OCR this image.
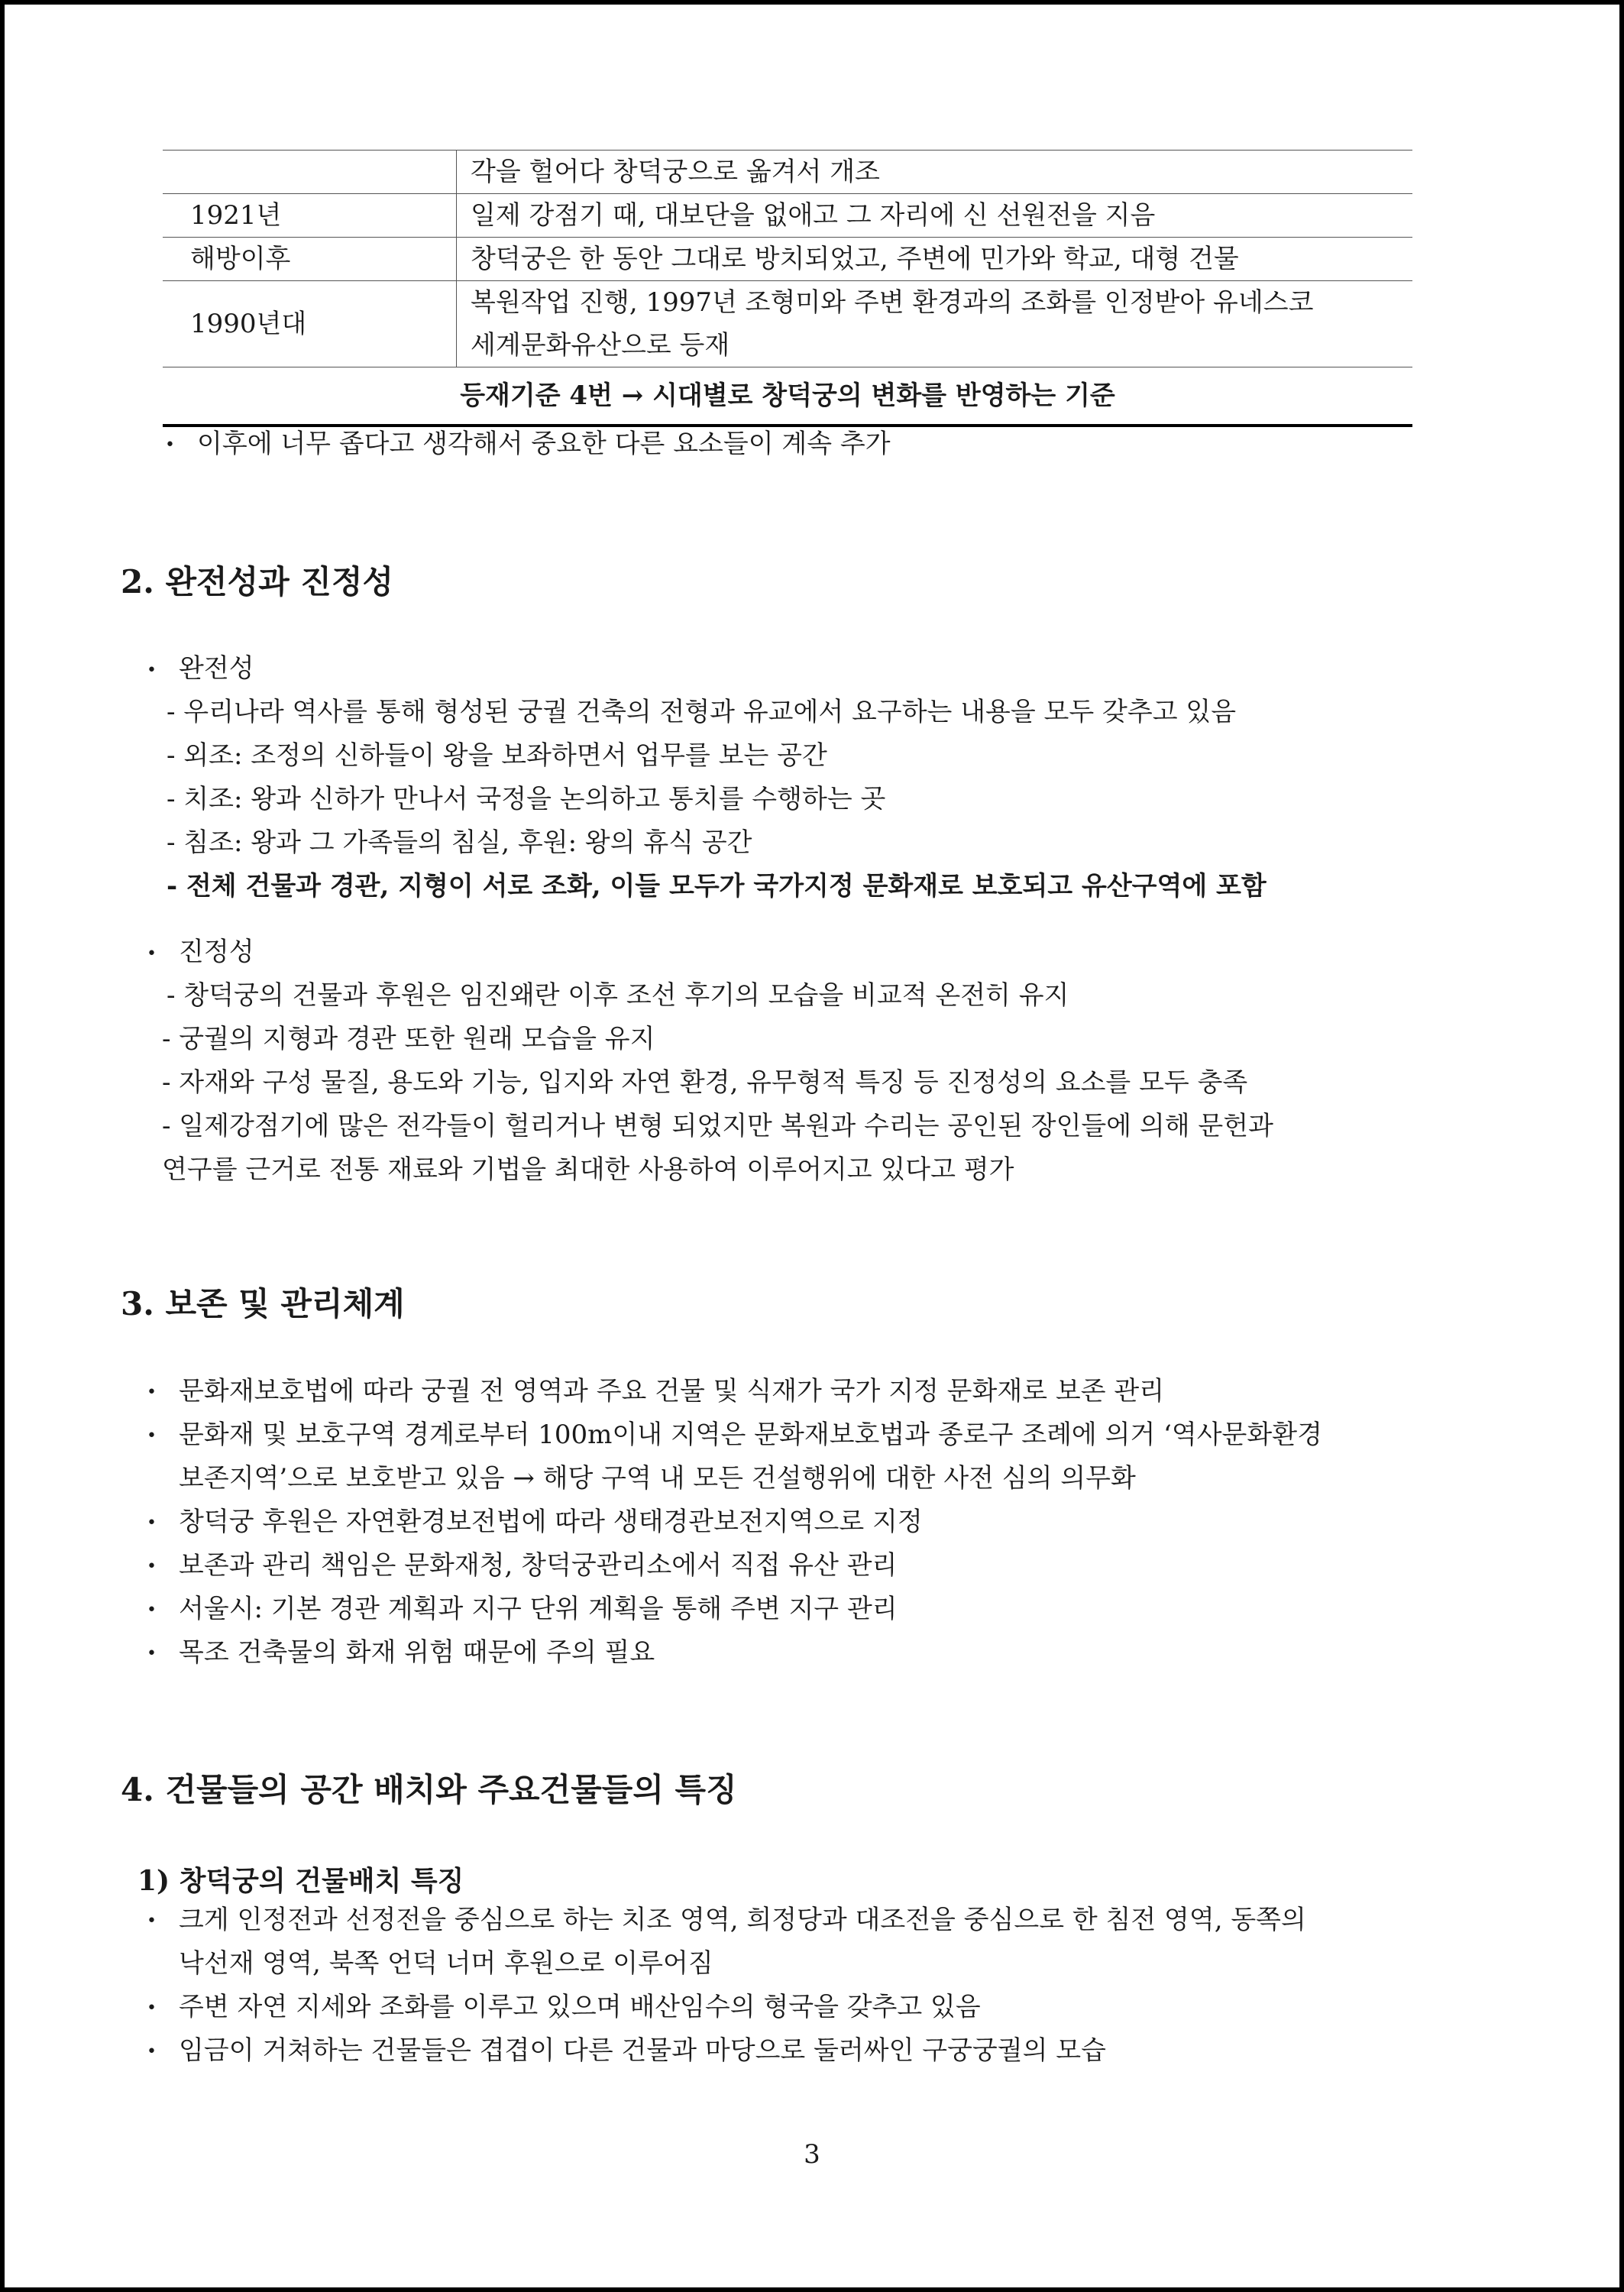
	각을 헐어다 창덕궁으로 옮겨서 개조
1921년	일제 강점기 때, 대보단을 없애고 그 자리에 신 선원전을 지음
해방이후	창덕궁은 한 동안 그대로 방치되었고, 주변에 민가와 학교, 대형 건물
1990년대	복원작업 진행, 1997년 조형미와 주변 환경과의 조화를 인정받아 유네스코
세계문화유산으로 등재

등재기준 4번 → 시대별로 창덕궁의 변화를 반영하는 기준	
• 이후에 너무 좁다고 생각해서 중요한 다른 요소들이 계속 추가
2. 완전성과 진정성
• 완전성
- 우리나라 역사를 통해 형성된 궁궐 건축의 전형과 유교에서 요구하는 내용을 모두 갖추고 있음
- 외조: 조정의 신하들이 왕을 보좌하면서 업무를 보는 공간
- 치조: 왕과 신하가 만나서 국정을 논의하고 통치를 수행하는 곳
- 침조: 왕과 그 가족들의 침실, 후원: 왕의 휴식 공간
- 전체 건물과 경관, 지형이 서로 조화, 이들 모두가 국가지정 문화재로 보호되고 유산구역에 포함
• 진정성
- 창덕궁의 건물과 후원은 임진왜란 이후 조선 후기의 모습을 비교적 온전히 유지
- 궁궐의 지형과 경관 또한 원래 모습을 유지
- 자재와 구성 물질, 용도와 기능, 입지와 자연 환경, 유무형적 특징 등 진정성의 요소를 모두 충족
- 일제강점기에 많은 전각들이 헐리거나 변형 되었지만 복원과 수리는 공인된 장인들에 의해 문헌과
연구를 근거로 전통 재료와 기법을 최대한 사용하여 이루어지고 있다고 평가
3. 보존 및 관리체계
• 문화재보호법에 따라 궁궐 전 영역과 주요 건물 및 식재가 국가 지정 문화재로 보존 관리
• 문화재 및 보호구역 경계로부터 100m이내 지역은 문화재보호법과 종로구 조례에 의거 ‘역사문화환경
보존지역’으로 보호받고 있음 → 해당 구역 내 모든 건설행위에 대한 사전 심의 의무화
• 창덕궁 후원은 자연환경보전법에 따라 생태경관보전지역으로 지정
• 보존과 관리 책임은 문화재청, 창덕궁관리소에서 직접 유산 관리
• 서울시: 기본 경관 계획과 지구 단위 계획을 통해 주변 지구 관리
• 목조 건축물의 화재 위험 때문에 주의 필요
4. 건물들의 공간 배치와 주요건물들의 특징
1) 창덕궁의 건물배치 특징
• 크게 인정전과 선정전을 중심으로 하는 치조 영역, 희정당과 대조전을 중심으로 한 침전 영역, 동쪽의
낙선재 영역, 북쪽 언덕 너머 후원으로 이루어짐
• 주변 자연 지세와 조화를 이루고 있으며 배산임수의 형국을 갖추고 있음
• 임금이 거쳐하는 건물들은 겹겹이 다른 건물과 마당으로 둘러싸인 구궁궁궐의 모습
3
